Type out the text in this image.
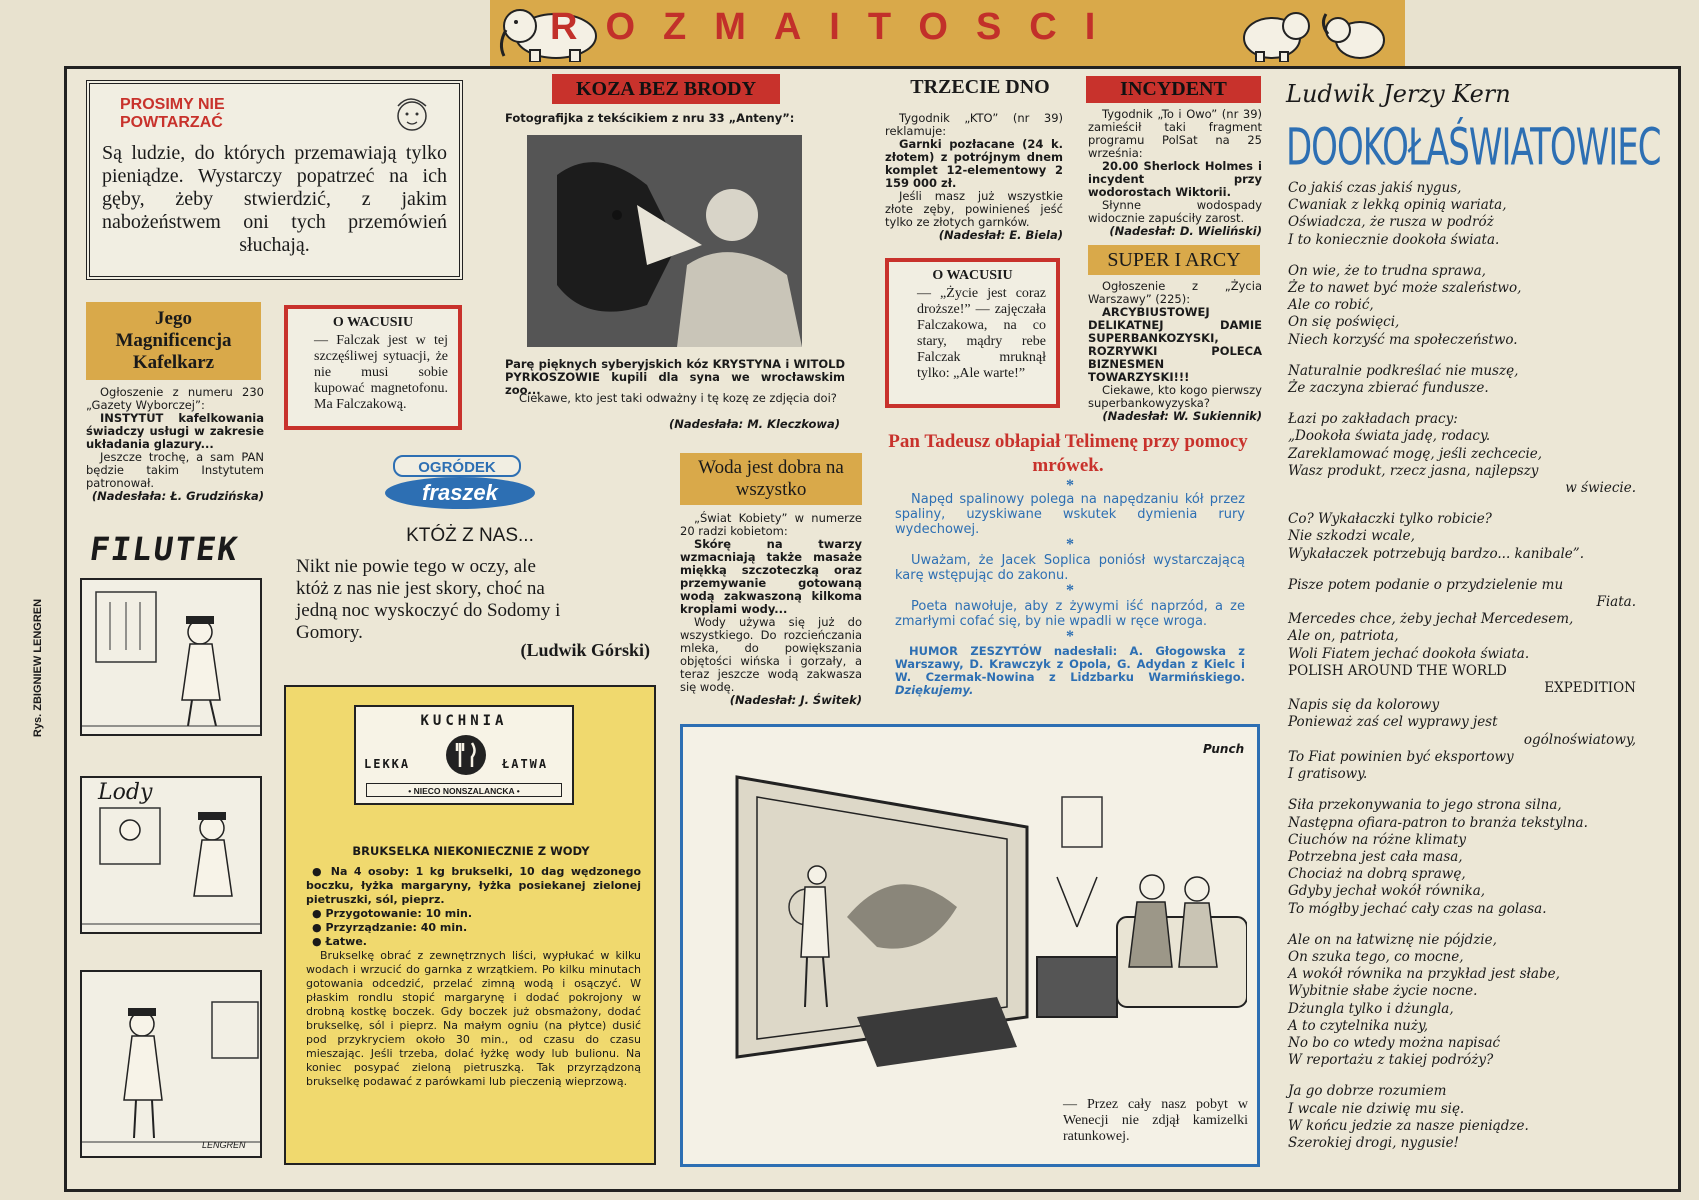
ROZMAITOSCI
Rys. ZBIGNIEW LENGREN
PROSIMY NIE POWTARZAĆ
Są ludzie, do których przemawiają tylko pieniądze. Wystarczy popatrzeć na ich gęby, żeby stwierdzić, z jakim nabożeństwem oni tych przemówień słuchają.
Jego Magnificencja Kafelkarz
Ogłoszenie z numeru 230 „Gazety Wyborczej”:
INSTYTUT kafelkowania świadczy usługi w zakresie układania glazury...
Jeszcze trochę, a sam PAN będzie takim Instytutem patronował.
(Nadesłała: Ł. Grudzińska)
O WACUSIU
— Falczak jest w tej szczęśliwej sytuacji, że nie musi sobie kupować magnetofonu. Ma Falczakową.
KOZA BEZ BRODY
Fotografijka z tekścikiem z nru 33 „Anteny”:
Parę pięknych syberyjskich kóz KRYSTYNA i WITOLD PYRKOSZOWIE kupili dla syna we wrocławskim zoo...
Ciekawe, kto jest taki odważny i tę kozę ze zdjęcia doi?
(Nadesłała: M. Kleczkowa)
TRZECIE DNO
Tygodnik „KTO” (nr 39) reklamuje:
Garnki pozłacane (24 k. złotem) z potrójnym dnem komplet 12-elementowy 2 159 000 zł.
Jeśli masz już wszystkie złote zęby, powinieneś jeść tylko ze złotych garnków.
(Nadesłał: E. Biela)
INCYDENT
Tygodnik „To i Owo” (nr 39) zamieścił taki fragment programu PolSat na 25 września:
20.00 Sherlock Holmes i incydent przy wodorostach Wiktorii.
Słynne wodospady widocznie zapuściły zarost.
(Nadesłał: D. Wieliński)
O WACUSIU
— „Życie jest coraz droższe!” — zajęczała Falczakowa, na co stary, mądry rebe Falczak mruknął tylko: „Ale warte!”
SUPER I ARCY
Ogłoszenie z „Życia Warszawy” (225):
ARCYBIUSTOWEJ DELIKATNEJ DAMIE SUPERBANKOZYSKI, ROZRYWKI POLECA BIZNESMEN TOWARZYSKI!!!
Ciekawe, kto kogo pierwszy superbankowyzyska?
(Nadesłał: W. Sukiennik)
OGRÓDEK
fraszek
KTÓŻ Z NAS...
Nikt nie powie tego w oczy, ale któż z nas nie jest skory, choć na jedną noc wyskoczyć do Sodomy i Gomory.
(Ludwik Górski)
FILUTEK
Lody
LENGREN
Woda jest dobra na wszystko
„Świat Kobiety” w numerze 20 radzi kobietom:
Skórę na twarzy wzmacniają także masaże miękką szczoteczką oraz przemywanie gotowaną wodą zakwaszoną kilkoma kroplami wody...
Wody używa się już do wszystkiego. Do rozcieńczania mleka, do powiększania objętości wińska i gorzały, a teraz jeszcze wodą zakwasza się wodę.
(Nadesłał: J. Świtek)
Pan Tadeusz obłapiał Telimenę przy pomocy mrówek.
*
Napęd spalinowy polega na napędzaniu kół przez spaliny, uzyskiwane wskutek dymienia rury wydechowej.
*
Uważam, że Jacek Soplica poniósł wystarczającą karę wstępując do zakonu.
*
Poeta nawołuje, aby z żywymi iść naprzód, a ze zmarłymi cofać się, by nie wpadli w ręce wroga.
*
HUMOR ZESZYTÓW nadesłali: A. Głogowska z Warszawy, D. Krawczyk z Opola, G. Adydan z Kielc i W. Czermak-Nowina z Lidzbarku Warmińskiego. Dziękujemy.
KUCHNIA
LEKKA	ŁATWA
• NIECO NONSZALANCKA •
BRUKSELKA NIEKONIECZNIE Z WODY
● Na 4 osoby: 1 kg brukselki, 10 dag wędzonego boczku, łyżka margaryny, łyżka posiekanej zielonej pietruszki, sól, pieprz.
● Przygotowanie: 10 min.
● Przyrządzanie: 40 min.
● Łatwe.
Brukselkę obrać z zewnętrznych liści, wypłukać w kilku wodach i wrzucić do garnka z wrzątkiem. Po kilku minutach gotowania odcedzić, przelać zimną wodą i osączyć. W płaskim rondlu stopić margarynę i dodać pokrojony w drobną kostkę boczek. Gdy boczek już obsmażony, dodać brukselkę, sól i pieprz. Na małym ogniu (na płytce) dusić pod przykryciem około 30 min., od czasu do czasu mieszając. Jeśli trzeba, dolać łyżkę wody lub bulionu. Na koniec posypać zieloną pietruszką. Tak przyrządzoną brukselkę podawać z parówkami lub pieczenią wieprzową.
Punch
— Przez cały nasz pobyt w Wenecji nie zdjął kamizelki ratunkowej.
Ludwik Jerzy Kern
DOOKOŁAŚWIATOWIEC
Co jakiś czas jakiś nygus,
Cwaniak z lekką opinią wariata,
Oświadcza, że rusza w podróż
I to koniecznie dookoła świata.
On wie, że to trudna sprawa,
Że to nawet być może szaleństwo,
Ale co robić,
On się poświęci,
Niech korzyść ma społeczeństwo.
Naturalnie podkreślać nie muszę,
Że zaczyna zbierać fundusze.
Łazi po zakładach pracy:
„Dookoła świata jadę, rodacy.
Zareklamować mogę, jeśli zechcecie,
Wasz produkt, rzecz jasna, najlepszy
w świecie.
Co? Wykałaczki tylko robicie?
Nie szkodzi wcale,
Wykałaczek potrzebują bardzo... kanibale”.
Pisze potem podanie o przydzielenie mu
Fiata.
Mercedes chce, żeby jechał Mercedesem,
Ale on, patriota,
Woli Fiatem jechać dookoła świata.
POLISH AROUND THE WORLD
EXPEDITION
Napis się da kolorowy
Ponieważ zaś cel wyprawy jest
ogólnoświatowy,
To Fiat powinien być eksportowy
I gratisowy.
Siła przekonywania to jego strona silna,
Następna ofiara-patron to branża tekstylna.
Ciuchów na różne klimaty
Potrzebna jest cała masa,
Chociaż na dobrą sprawę,
Gdyby jechał wokół równika,
To mógłby jechać cały czas na golasa.
Ale on na łatwiznę nie pójdzie,
On szuka tego, co mocne,
A wokół równika na przykład jest słabe,
Wybitnie słabe życie nocne.
Dżungla tylko i dżungla,
A to czytelnika nuży,
No bo co wtedy można napisać
W reportażu z takiej podróży?
Ja go dobrze rozumiem
I wcale nie dziwię mu się.
W końcu jedzie za nasze pieniądze.
Szerokiej drogi, nygusie!
